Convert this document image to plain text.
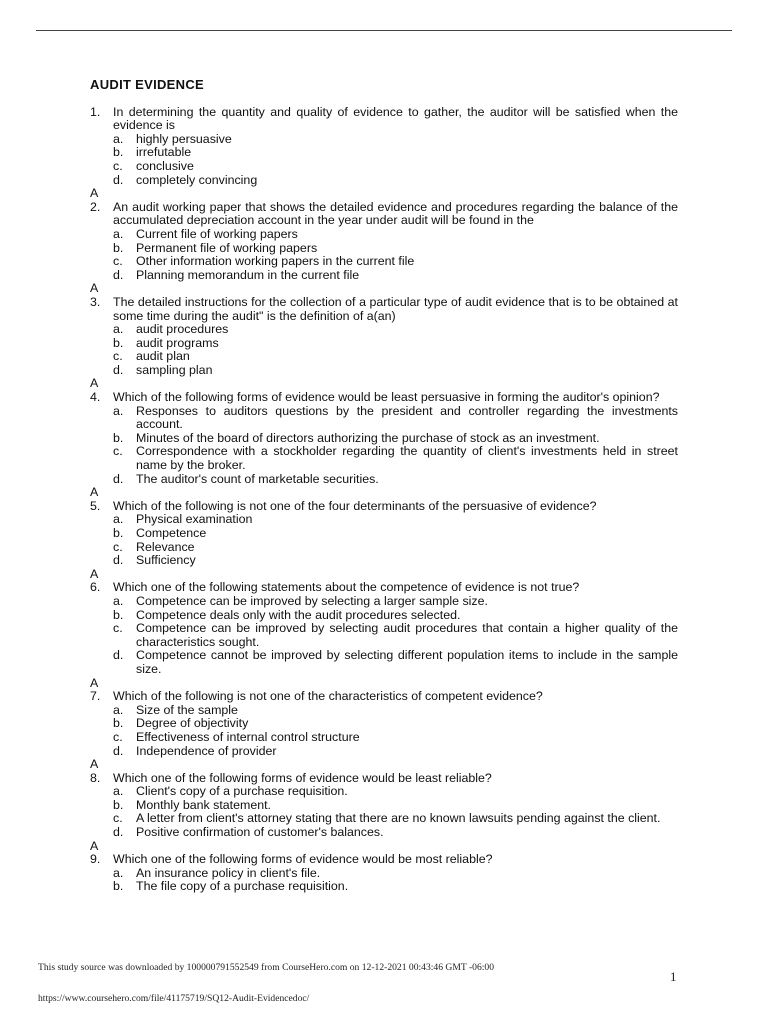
AUDIT EVIDENCE
1. In determining the quantity and quality of evidence to gather, the auditor will be satisfied when the evidence is
a. highly persuasive
b. irrefutable
c. conclusive
d. completely convincing
A
2. An audit working paper that shows the detailed evidence and procedures regarding the balance of the accumulated depreciation account in the year under audit will be found in the
a. Current file of working papers
b. Permanent file of working papers
c. Other information working papers in the current file
d. Planning memorandum in the current file
A
3. The detailed instructions for the collection of a particular type of audit evidence that is to be obtained at some time during the audit" is the definition of a(an)
a. audit procedures
b. audit programs
c. audit plan
d. sampling plan
A
4. Which of the following forms of evidence would be least persuasive in forming the auditor's opinion?
a. Responses to auditors questions by the president and controller regarding the investments account.
b. Minutes of the board of directors authorizing the purchase of stock as an investment.
c. Correspondence with a stockholder regarding the quantity of client's investments held in street name by the broker.
d. The auditor's count of marketable securities.
A
5. Which of the following is not one of the four determinants of the persuasive of evidence?
a. Physical examination
b. Competence
c. Relevance
d. Sufficiency
A
6. Which one of the following statements about the competence of evidence is not true?
a. Competence can be improved by selecting a larger sample size.
b. Competence deals only with the audit procedures selected.
c. Competence can be improved by selecting audit procedures that contain a higher quality of the characteristics sought.
d. Competence cannot be improved by selecting different population items to include in the sample size.
A
7. Which of the following is not one of the characteristics of competent evidence?
a. Size of the sample
b. Degree of objectivity
c. Effectiveness of internal control structure
d. Independence of provider
A
8. Which one of the following forms of evidence would be least reliable?
a. Client's copy of a purchase requisition.
b. Monthly bank statement.
c. A letter from client's attorney stating that there are no known lawsuits pending against the client.
d. Positive confirmation of customer's balances.
A
9. Which one of the following forms of evidence would be most reliable?
a. An insurance policy in client's file.
b. The file copy of a purchase requisition.
This study source was downloaded by 100000791552549 from CourseHero.com on 12-12-2021 00:43:46 GMT -06:00
1
https://www.coursehero.com/file/41175719/SQ12-Audit-Evidencedoc/
